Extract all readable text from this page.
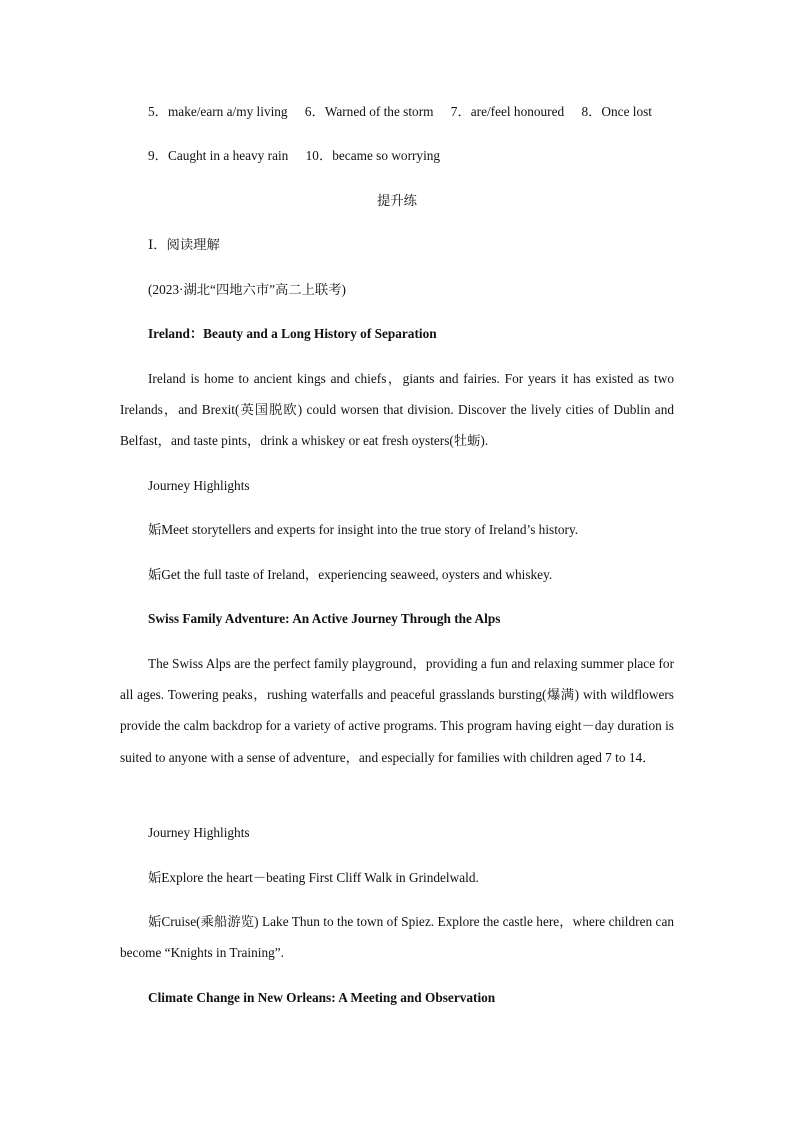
5．make/earn a/my living 6．Warned of the storm 7．are/feel honoured 8．Once lost
9．Caught in a heavy rain 10．became so worrying
提升练
Ⅰ．阅读理解
(2023·湖北“四地六市”高二上联考)
Ireland：Beauty and a Long History of Separation
Ireland is home to ancient kings and chiefs，giants and fairies. For years it has existed as two Irelands，and Brexit(英国脱欧) could worsen that division. Discover the lively cities of Dublin and Belfast，and taste pints，drink a whiskey or eat fresh oysters(牡蛎).
Journey Highlights
姤Meet storytellers and experts for insight into the true story of Ireland’s history.
姤Get the full taste of Ireland，experiencing seaweed, oysters and whiskey.
Swiss Family Adventure: An Active Journey Through the Alps
The Swiss Alps are the perfect family playground，providing a fun and relaxing summer place for all ages. Towering peaks，rushing waterfalls and peaceful grasslands bursting(爆满) with wildflowers provide the calm backdrop for a variety of active programs. This program having eight－day duration is suited to anyone with a sense of adventure，and especially for families with children aged 7 to 14．
Journey Highlights
姤Explore the heart－beating First Cliff Walk in Grindelwald.
姤Cruise(乘船游览) Lake Thun to the town of Spiez. Explore the castle here，where children can become “Knights in Training”.
Climate Change in New Orleans: A Meeting and Observation
